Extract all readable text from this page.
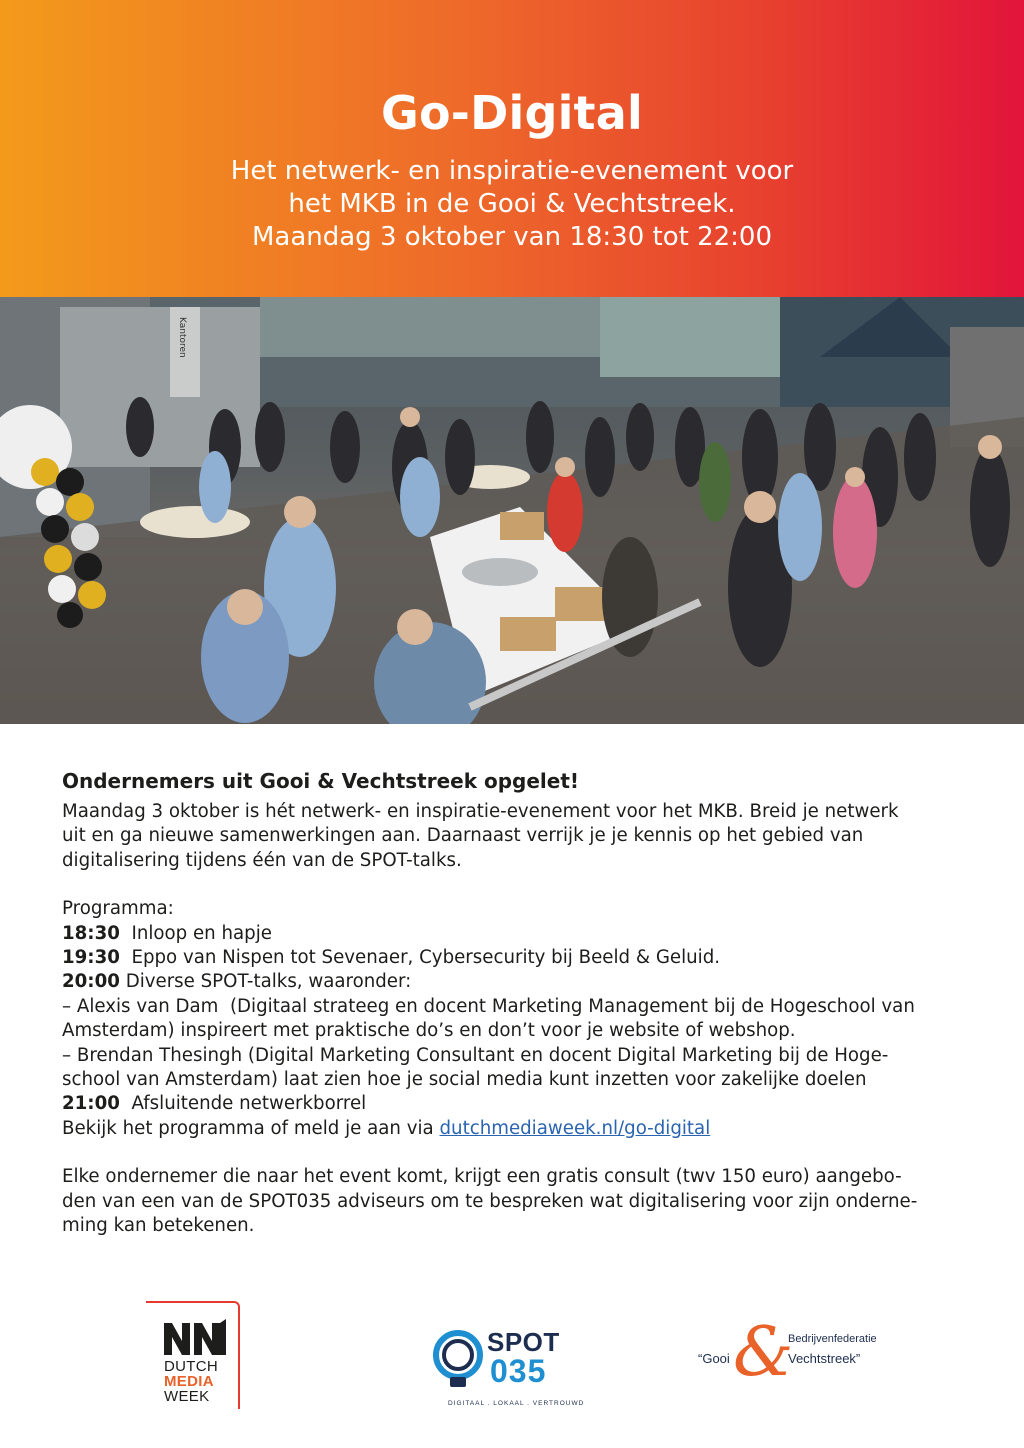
Go-Digital
Het netwerk- en inspiratie-evenement voor
het MKB in de Gooi & Vechtstreek.
Maandag 3 oktober van 18:30 tot 22:00
Kantoren
Ondernemers uit Gooi & Vechtstreek opgelet!

Maandag 3 oktober is hét netwerk- en inspiratie-evenement voor het MKB. Breid je netwerk
uit en ga nieuwe samenwerkingen aan. Daarnaast verrijk je je kennis op het gebied van
digitalisering tijdens één van de SPOT-talks.

Programma:
18:30  Inloop en hapje
19:30  Eppo van Nispen tot Sevenaer, Cybersecurity bij Beeld & Geluid.
20:00 Diverse SPOT-talks, waaronder:
– Alexis van Dam  (Digitaal strateeg en docent Marketing Management bij de Hogeschool van
Amsterdam) inspireert met praktische do’s en don’t voor je website of webshop.
– Brendan Thesingh (Digital Marketing Consultant en docent Digital Marketing bij de Hoge-
school van Amsterdam) laat zien hoe je social media kunt inzetten voor zakelijke doelen
21:00  Afsluitende netwerkborrel
Bekijk het programma of meld je aan via dutchmediaweek.nl/go-digital

Elke ondernemer die naar het event komt, krijgt een gratis consult (twv 150 euro) aangebo-
den van een van de SPOT035 adviseurs om te bespreken wat digitalisering voor zijn onderne-
ming kan betekenen.

DUTCH
MEDIA
WEEK
SPOT
035
DIGITAAL . LOKAAL . VERTROUWD
&
Bedrijvenfederatie
“Gooi	Vechtstreek”
